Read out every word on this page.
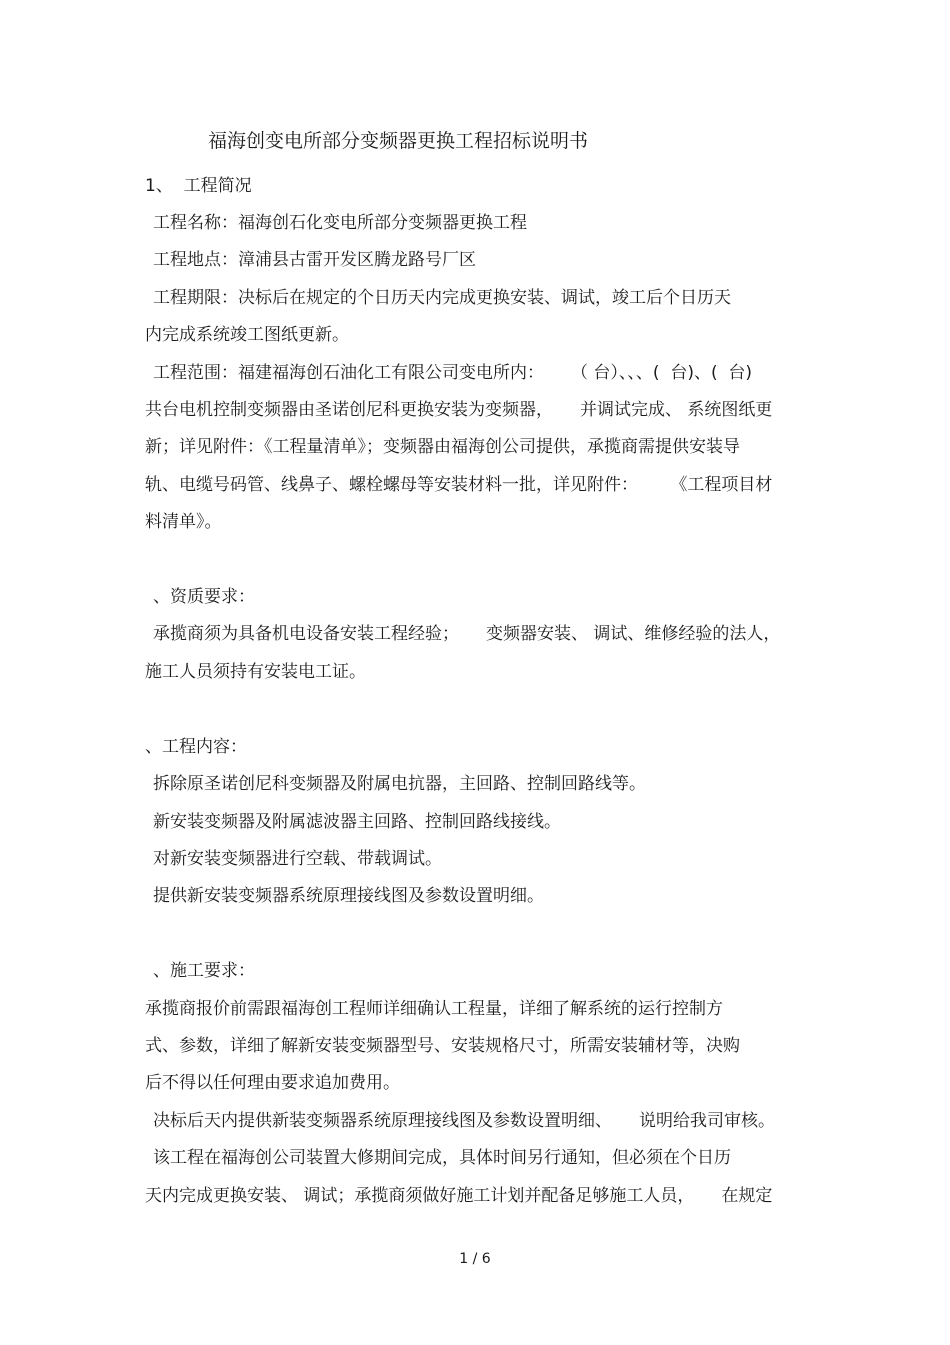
福海创变电所部分变频器更换工程招标说明书
1、  工程简况
工程名称：福海创石化变电所部分变频器更换工程
工程地点：漳浦县古雷开发区腾龙路号厂区
工程期限：决标后在规定的个日历天内完成更换安装、调试，竣工后个日历天
内完成系统竣工图纸更新。
工程范围：福建福海创石油化工有限公司变电所内：     （ 台）、、、(  台)、(  台)
共台电机控制变频器由圣诺创尼科更换安装为变频器，     并调试完成、 系统图纸更
新；详见附件：《工程量清单》；变频器由福海创公司提供，承揽商需提供安装导
轨、电缆号码管、线鼻子、螺栓螺母等安装材料一批，详见附件：      《工程项目材
料清单》。
、资质要求：
承揽商须为具备机电设备安装工程经验；     变频器安装、 调试、维修经验的法人，
施工人员须持有安装电工证。
、工程内容：
拆除原圣诺创尼科变频器及附属电抗器，主回路、控制回路线等。
新安装变频器及附属滤波器主回路、控制回路线接线。
对新安装变频器进行空载、带载调试。
提供新安装变频器系统原理接线图及参数设置明细。
、施工要求：
承揽商报价前需跟福海创工程师详细确认工程量，详细了解系统的运行控制方
式、参数，详细了解新安装变频器型号、安装规格尺寸，所需安装辅材等，决购
后不得以任何理由要求追加费用。
决标后天内提供新装变频器系统原理接线图及参数设置明细、     说明给我司审核。
该工程在福海创公司装置大修期间完成，具体时间另行通知，但必须在个日历
天内完成更换安装、 调试；承揽商须做好施工计划并配备足够施工人员，     在规定
1 / 6
